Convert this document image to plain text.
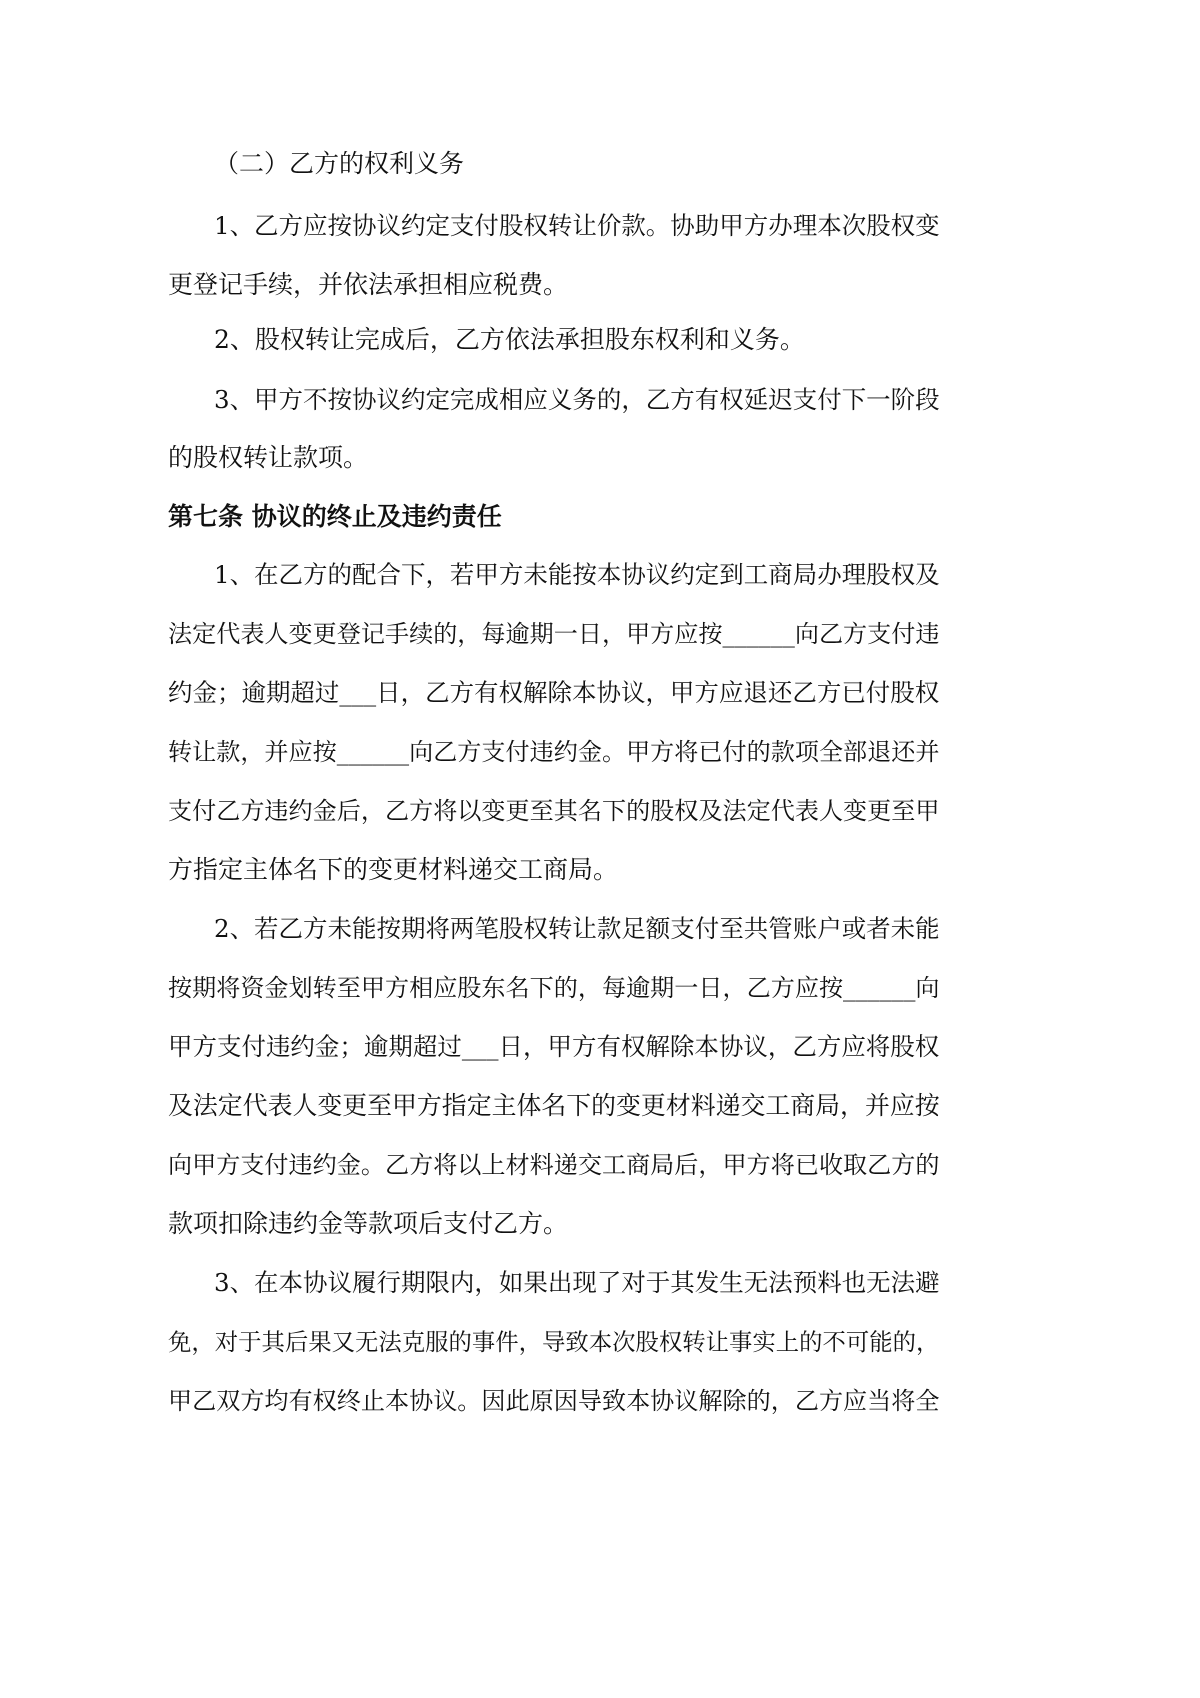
（二）乙方的权利义务
1、乙方应按协议约定支付股权转让价款。协助甲方办理本次股权变
更登记手续，并依法承担相应税费。
2、股权转让完成后，乙方依法承担股东权利和义务。
3、甲方不按协议约定完成相应义务的，乙方有权延迟支付下一阶段
的股权转让款项。
第七条 协议的终止及违约责任
1、在乙方的配合下，若甲方未能按本协议约定到工商局办理股权及
法定代表人变更登记手续的，每逾期一日，甲方应按______向乙方支付违
约金；逾期超过___日，乙方有权解除本协议，甲方应退还乙方已付股权
转让款，并应按______向乙方支付违约金。甲方将已付的款项全部退还并
支付乙方违约金后，乙方将以变更至其名下的股权及法定代表人变更至甲
方指定主体名下的变更材料递交工商局。
2、若乙方未能按期将两笔股权转让款足额支付至共管账户或者未能
按期将资金划转至甲方相应股东名下的，每逾期一日，乙方应按______向
甲方支付违约金；逾期超过___日，甲方有权解除本协议，乙方应将股权
及法定代表人变更至甲方指定主体名下的变更材料递交工商局，并应按
向甲方支付违约金。乙方将以上材料递交工商局后，甲方将已收取乙方的
款项扣除违约金等款项后支付乙方。
3、在本协议履行期限内，如果出现了对于其发生无法预料也无法避
免，对于其后果又无法克服的事件，导致本次股权转让事实上的不可能的，
甲乙双方均有权终止本协议。因此原因导致本协议解除的，乙方应当将全
